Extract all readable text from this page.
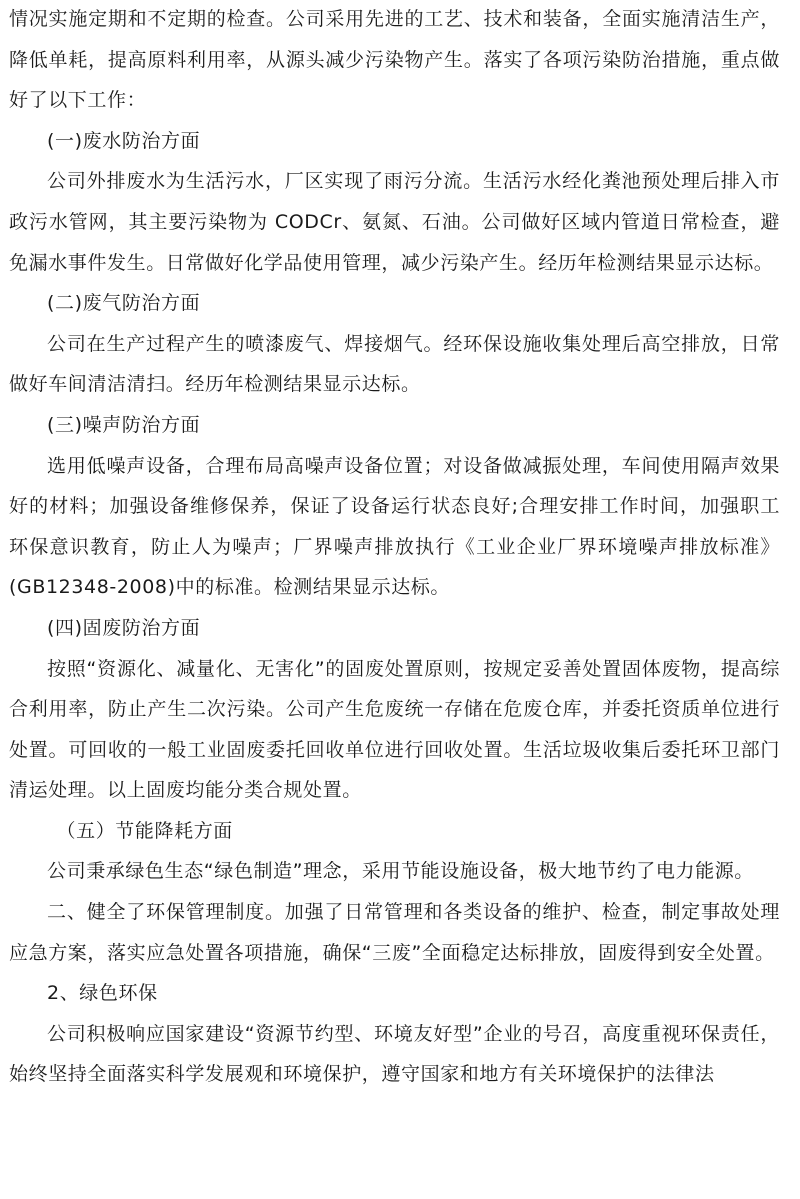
情况实施定期和不定期的检查。公司采用先进的工艺、技术和装备，全面实施清洁生产，降低单耗，提高原料利用率，从源头减少污染物产生。落实了各项污染防治措施，重点做好了以下工作：

(一)废水防治方面

公司外排废水为生活污水，厂区实现了雨污分流。生活污水经化粪池预处理后排入市政污水管网，其主要污染物为 CODCr、氨氮、石油。公司做好区域内管道日常检查，避免漏水事件发生。日常做好化学品使用管理，减少污染产生。经历年检测结果显示达标。

(二)废气防治方面

公司在生产过程产生的喷漆废气、焊接烟气。经环保设施收集处理后高空排放，日常做好车间清洁清扫。经历年检测结果显示达标。

(三)噪声防治方面

选用低噪声设备，合理布局高噪声设备位置；对设备做减振处理，车间使用隔声效果好的材料；加强设备维修保养，保证了设备运行状态良好;合理安排工作时间，加强职工环保意识教育，防止人为噪声；厂界噪声排放执行《工业企业厂界环境噪声排放标准》(GB12348-2008)中的标准。检测结果显示达标。

(四)固废防治方面

按照“资源化、减量化、无害化”的固废处置原则，按规定妥善处置固体废物，提高综合利用率，防止产生二次污染。公司产生危废统一存储在危废仓库，并委托资质单位进行处置。可回收的一般工业固废委托回收单位进行回收处置。生活垃圾收集后委托环卫部门清运处理。以上固废均能分类合规处置。

（五）节能降耗方面

公司秉承绿色生态“绿色制造”理念，采用节能设施设备，极大地节约了电力能源。

二、健全了环保管理制度。加强了日常管理和各类设备的维护、检查，制定事故处理应急方案，落实应急处置各项措施，确保“三废”全面稳定达标排放，固废得到安全处置。

2、绿色环保

公司积极响应国家建设“资源节约型、环境友好型”企业的号召，高度重视环保责任，始终坚持全面落实科学发展观和环境保护，遵守国家和地方有关环境保护的法律法
